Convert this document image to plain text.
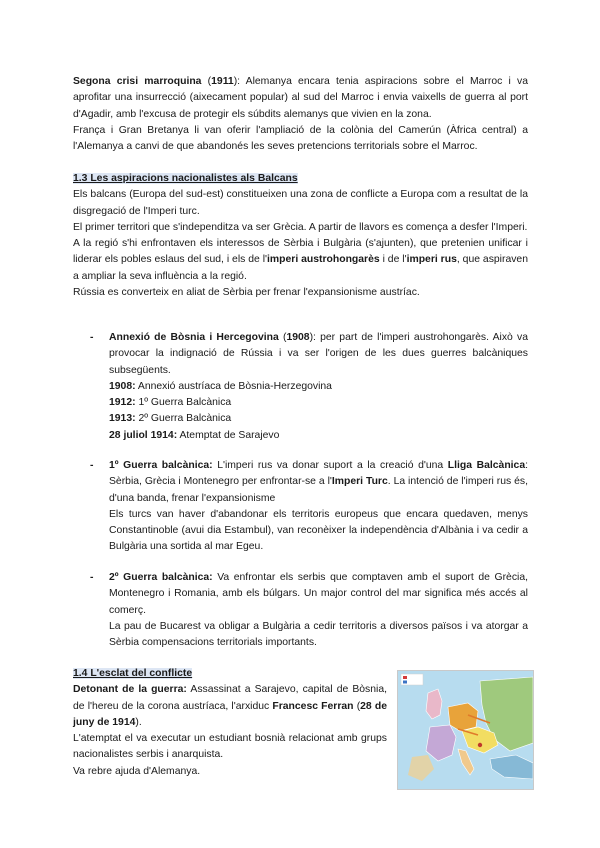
Segona crisi marroquina (1911): Alemanya encara tenia aspiracions sobre el Marroc i va aprofitar una insurrecció (aixecament popular) al sud del Marroc i envia vaixells de guerra al port d'Agadir, amb l'excusa de protegir els súbdits alemanys que vivien en la zona.

França i Gran Bretanya li van oferir l'ampliació de la colònia del Camerún (Àfrica central) a l'Alemanya a canvi de que abandonés les seves pretencions territorials sobre el Marroc.

1.3 Les aspiracions nacionalistes als Balcans

Els balcans (Europa del sud-est) constitueixen una zona de conflicte a Europa com a resultat de la disgregació de l'Imperi turc.

El primer territori que s'independitza va ser Grècia. A partir de llavors es comença a desfer l'Imperi.

A la regió s'hi enfrontaven els interessos de Sèrbia i Bulgària (s'ajunten), que pretenien unificar i liderar els pobles eslaus del sud, i els de l'imperi austrohongarès i de l'imperi rus, que aspiraven a ampliar la seva influència a la regió.

Rússia es converteix en aliat de Sèrbia per frenar l'expansionisme austríac.

-	Annexió de Bòsnia i Hercegovina (1908): per part de l'imperi austrohongarès. Això va provocar la indignació de Rússia i va ser l'origen de les dues guerres balcàniques subsegüents.

1908: Annexió austríaca de Bòsnia-Herzegovina

1912: 1º Guerra Balcànica

1913: 2º Guerra Balcànica

28 juliol 1914: Atemptat de Sarajevo

-	1º Guerra balcànica: L'imperi rus va donar suport a la creació d'una Lliga Balcànica: Sèrbia, Grècia i Montenegro per enfrontar-se a l'Imperi Turc. La intenció de l'imperi rus és, d'una banda, frenar l'expansionisme

Els turcs van haver d'abandonar els territoris europeus que encara quedaven, menys Constantinoble (avui dia Estambul), van reconèixer la independència d'Albània i va cedir a Bulgària una sortida al mar Egeu.

-	2º Guerra balcànica: Va enfrontar els serbis que comptaven amb el suport de Grècia, Montenegro i Romania, amb els búlgars. Un major control del mar significa més accés al comerç.

La pau de Bucarest va obligar a Bulgària a cedir territoris a diversos països i va atorgar a Sèrbia compensacions territorials importants.

1.4 L'esclat del conflicte

Detonant de la guerra: Assassinat a Sarajevo, capital de Bòsnia, de l'hereu de la corona austríaca, l'arxiduc Francesc Ferran (28 de juny de 1914).

L'atemptat el va executar un estudiant bosnià relacionat amb grups nacionalistes serbis i anarquista.

Va rebre ajuda d'Alemanya.
